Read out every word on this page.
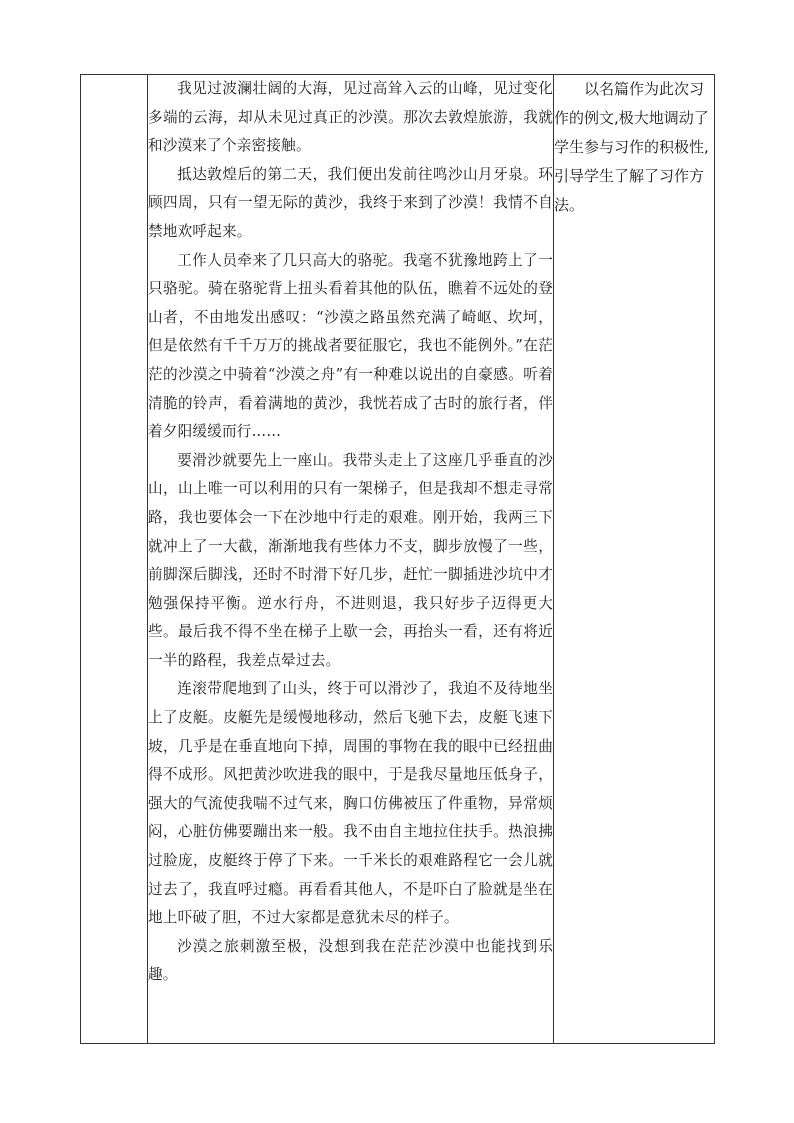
我见过波澜壮阔的大海，见过高耸入云的山峰，见过变化多端的云海，却从未见过真正的沙漠。那次去敦煌旅游，我就和沙漠来了个亲密接触。

抵达敦煌后的第二天，我们便出发前往鸣沙山月牙泉。环顾四周，只有一望无际的黄沙，我终于来到了沙漠！我情不自禁地欢呼起来。

工作人员牵来了几只高大的骆驼。我毫不犹豫地跨上了一只骆驼。骑在骆驼背上扭头看着其他的队伍，瞧着不远处的登山者，不由地发出感叹：“沙漠之路虽然充满了崎岖、坎坷，但是依然有千千万万的挑战者要征服它，我也不能例外。”在茫茫的沙漠之中骑着“沙漠之舟”有一种难以说出的自豪感。听着清脆的铃声，看着满地的黄沙，我恍若成了古时的旅行者，伴着夕阳缓缓而行……

要滑沙就要先上一座山。我带头走上了这座几乎垂直的沙山，山上唯一可以利用的只有一架梯子，但是我却不想走寻常路，我也要体会一下在沙地中行走的艰难。刚开始，我两三下就冲上了一大截，渐渐地我有些体力不支，脚步放慢了一些，前脚深后脚浅，还时不时滑下好几步，赶忙一脚插进沙坑中才勉强保持平衡。逆水行舟，不进则退，我只好步子迈得更大些。最后我不得不坐在梯子上歇一会，再抬头一看，还有将近一半的路程，我差点晕过去。

连滚带爬地到了山头，终于可以滑沙了，我迫不及待地坐上了皮艇。皮艇先是缓慢地移动，然后飞驰下去，皮艇飞速下坡，几乎是在垂直地向下掉，周围的事物在我的眼中已经扭曲得不成形。风把黄沙吹进我的眼中，于是我尽量地压低身子，强大的气流使我喘不过气来，胸口仿佛被压了件重物，异常烦闷，心脏仿佛要蹦出来一般。我不由自主地拉住扶手。热浪拂过脸庞，皮艇终于停了下来。一千米长的艰难路程它一会儿就过去了，我直呼过瘾。再看看其他人，不是吓白了脸就是坐在地上吓破了胆，不过大家都是意犹未尽的样子。

沙漠之旅刺激至极，没想到我在茫茫沙漠中也能找到乐趣。

以名篇作为此次习作的例文,极大地调动了学生参与习作的积极性,引导学生了解了习作方法。
